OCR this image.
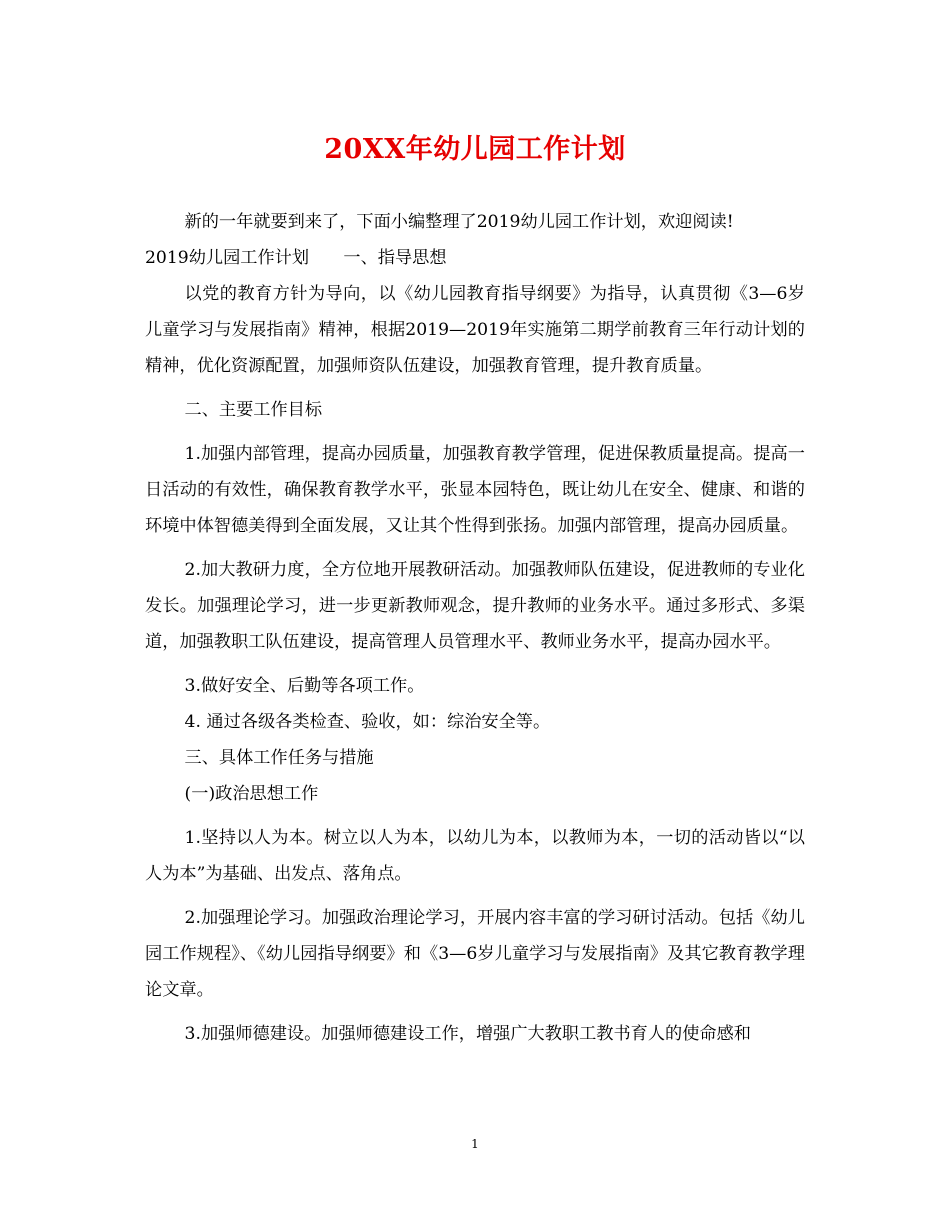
20XX年幼儿园工作计划

新的一年就要到来了，下面小编整理了2019幼儿园工作计划，欢迎阅读!

2019幼儿园工作计划　　一、指导思想

以党的教育方针为导向，以《幼儿园教育指导纲要》为指导，认真贯彻《3—6岁儿童学习与发展指南》精神，根据2019—2019年实施第二期学前教育三年行动计划的精神，优化资源配置，加强师资队伍建设，加强教育管理，提升教育质量。

二、主要工作目标

1.加强内部管理，提高办园质量，加强教育教学管理，促进保教质量提高。提高一日活动的有效性，确保教育教学水平，张显本园特色，既让幼儿在安全、健康、和谐的环境中体智德美得到全面发展，又让其个性得到张扬。加强内部管理，提高办园质量。

2.加大教研力度，全方位地开展教研活动。加强教师队伍建设，促进教师的专业化发长。加强理论学习，进一步更新教师观念，提升教师的业务水平。通过多形式、多渠道，加强教职工队伍建设，提高管理人员管理水平、教师业务水平，提高办园水平。

3.做好安全、后勤等各项工作。

4. 通过各级各类检查、验收，如：综治安全等。

三、具体工作任务与措施

(一)政治思想工作

1.坚持以人为本。树立以人为本，以幼儿为本，以教师为本，一切的活动皆以“以人为本”为基础、出发点、落角点。

2.加强理论学习。加强政治理论学习，开展内容丰富的学习研讨活动。包括《幼儿园工作规程》、《幼儿园指导纲要》和《3—6岁儿童学习与发展指南》及其它教育教学理论文章。

3.加强师德建设。加强师德建设工作，增强广大教职工教书育人的使命感和

1
